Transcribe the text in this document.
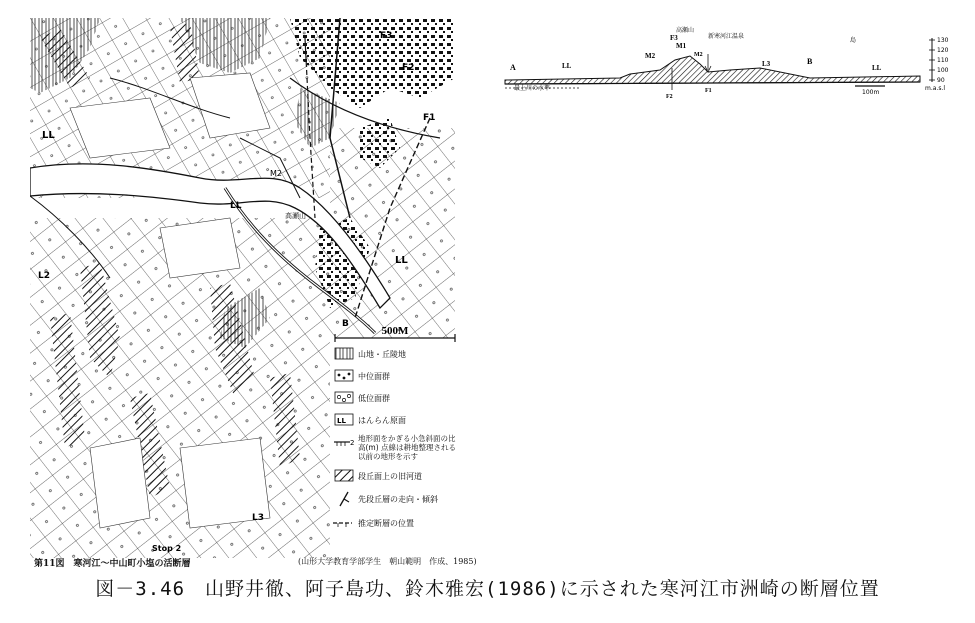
500M
LL
LL
LL
M2
F1
F2
F3
B
L2
L3
高瀬山
Stop 2
山地・丘陵地
中位面群
低位面群
LL はんらん原面
2 地形面をかぎる小急斜面の比高(m) 点線は耕地整理される以前の地形を示す
段丘面上の旧河道
先段丘層の走向・傾斜
推定断層の位置
130
120
110
100
90
100m
m.a.s.l
A	LL
M2
M1
M2
F3
L3	B
LL
F2
F1
高瀬山
新寒河江温泉
島
最上川の水準
第11図　寒河江～中山町小塩の活断層	(山形大学教育学部学生　朝山範明　作成、1985)
図－3.46　山野井徹、阿子島功、鈴木雅宏(1986)に示された寒河江市洲崎の断層位置
